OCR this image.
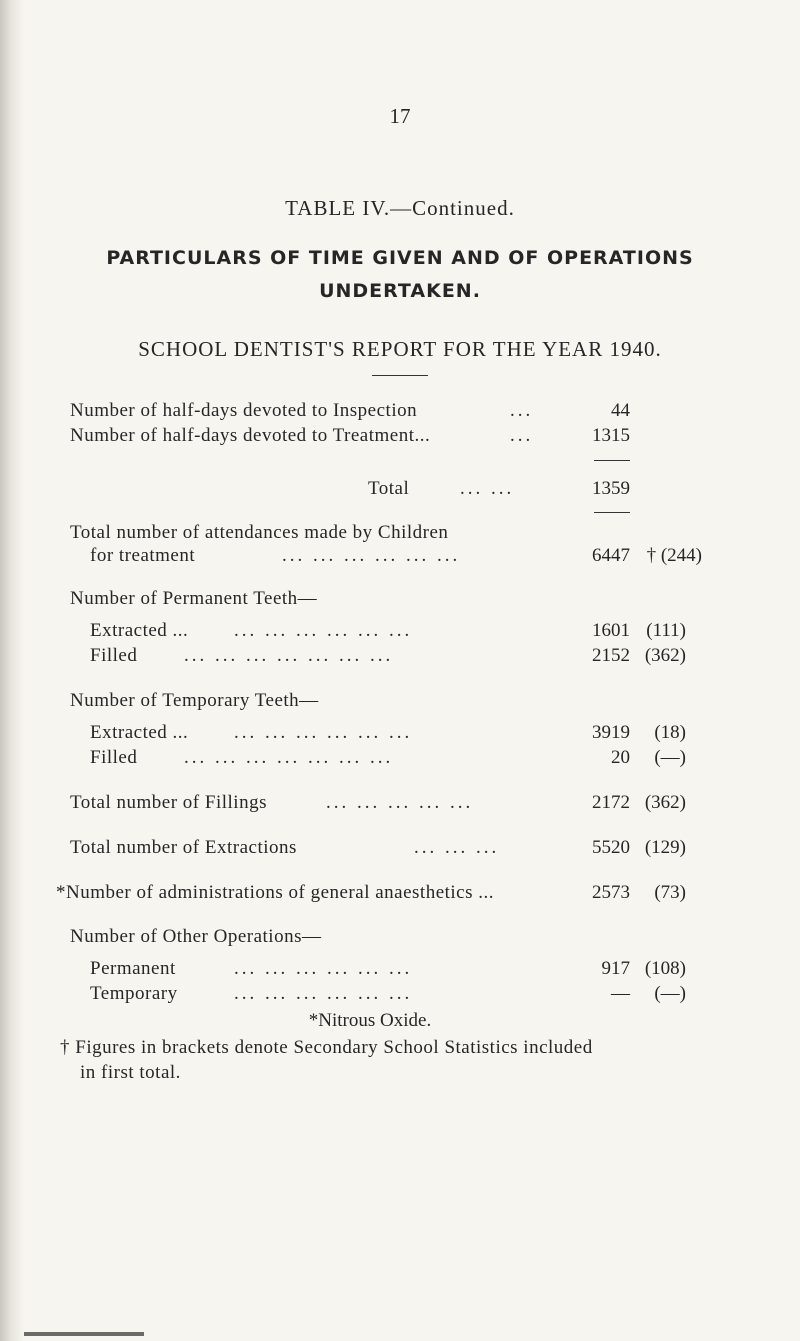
17
TABLE IV.—Continued.
PARTICULARS OF TIME GIVEN AND OF OPERATIONS
UNDERTAKEN.
SCHOOL DENTIST'S REPORT FOR THE YEAR 1940.
Number of half-days devoted to Inspection	...	44
Number of half-days devoted to Treatment...	...	1315
Total	... ...	1359
Total number of attendances made by Children
for treatment	... ... ... ... ... ...	6447 † (244)
Number of Permanent Teeth—
Extracted ... ... ... ... ... ... ...	1601 (111)
Filled ... ... ... ... ... ... ...	2152 (362)
Number of Temporary Teeth—
Extracted ... ... ... ... ... ... ...	3919	(18)
Filled ... ... ... ... ... ... ...	20	(—)
Total number of Fillings	... ... ... ... ...	2172 (362)
Total number of Extractions	... ... ...	5520 (129)
*Number of administrations of general anaesthetics ...	2573	(73)
Number of Other Operations—
Permanent	... ... ... ... ... ...	917 (108)
Temporary	... ... ... ... ... ...	—	(—)
*Nitrous Oxide.
† Figures in brackets denote Secondary School Statistics included
in first total.
